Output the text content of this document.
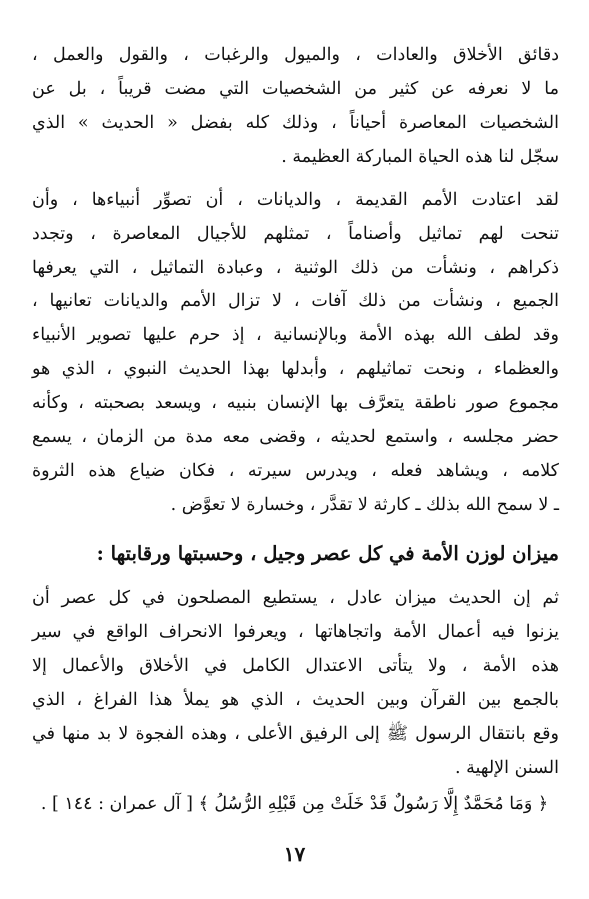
دقائق الأخلاق والعادات ، والميول والرغبات ، والقول والعمل ،
ما لا نعرفه عن كثير من الشخصيات التي مضت قريباً ، بل عن
الشخصيات المعاصرة أحياناً ، وذلك كله بفضل « الحديث » الذي
سجّل لنا هذه الحياة المباركة العظيمة .
لقد اعتادت الأمم القديمة ، والديانات ، أن تصوِّر أنبياءها ، وأن
تنحت لهم تماثيل وأصناماً ، تمثلهم للأجيال المعاصرة ، وتجدد
ذكراهم ، ونشأت من ذلك الوثنية ، وعبادة التماثيل ، التي يعرفها
الجميع ، ونشأت من ذلك آفات ، لا تزال الأمم والديانات تعانيها ،
وقد لطف الله بهذه الأمة وبالإنسانية ، إذ حرم عليها تصوير الأنبياء
والعظماء ، ونحت تماثيلهم ، وأبدلها بهذا الحديث النبوي ، الذي هو
مجموع صور ناطقة يتعرَّف بها الإنسان بنبيه ، ويسعد بصحبته ، وكأنه
حضر مجلسه ، واستمع لحديثه ، وقضى معه مدة من الزمان ، يسمع
كلامه ، ويشاهد فعله ، ويدرس سيرته ، فكان ضياع هذه الثروة
ـ لا سمح الله بذلك ـ كارثة لا تقدَّر ، وخسارة لا تعوَّض .
ميزان لوزن الأمة في كل عصر وجيل ، وحسبتها ورقابتها :
ثم إن الحديث ميزان عادل ، يستطيع المصلحون في كل عصر أن
يزنوا فيه أعمال الأمة واتجاهاتها ، ويعرفوا الانحراف الواقع في سير
هذه الأمة ، ولا يتأتى الاعتدال الكامل في الأخلاق والأعمال إلا
بالجمع بين القرآن وبين الحديث ، الذي هو يملأ هذا الفراغ ، الذي
وقع بانتقال الرسول ﷺ إلى الرفيق الأعلى ، وهذه الفجوة لا بد منها في
السنن الإلهية .
﴿ وَمَا مُحَمَّدٌ إِلَّا رَسُولٌ قَدْ خَلَتْ مِن قَبْلِهِ الرُّسُلُ ﴾ [ آل عمران : ١٤٤ ] .
١٧
